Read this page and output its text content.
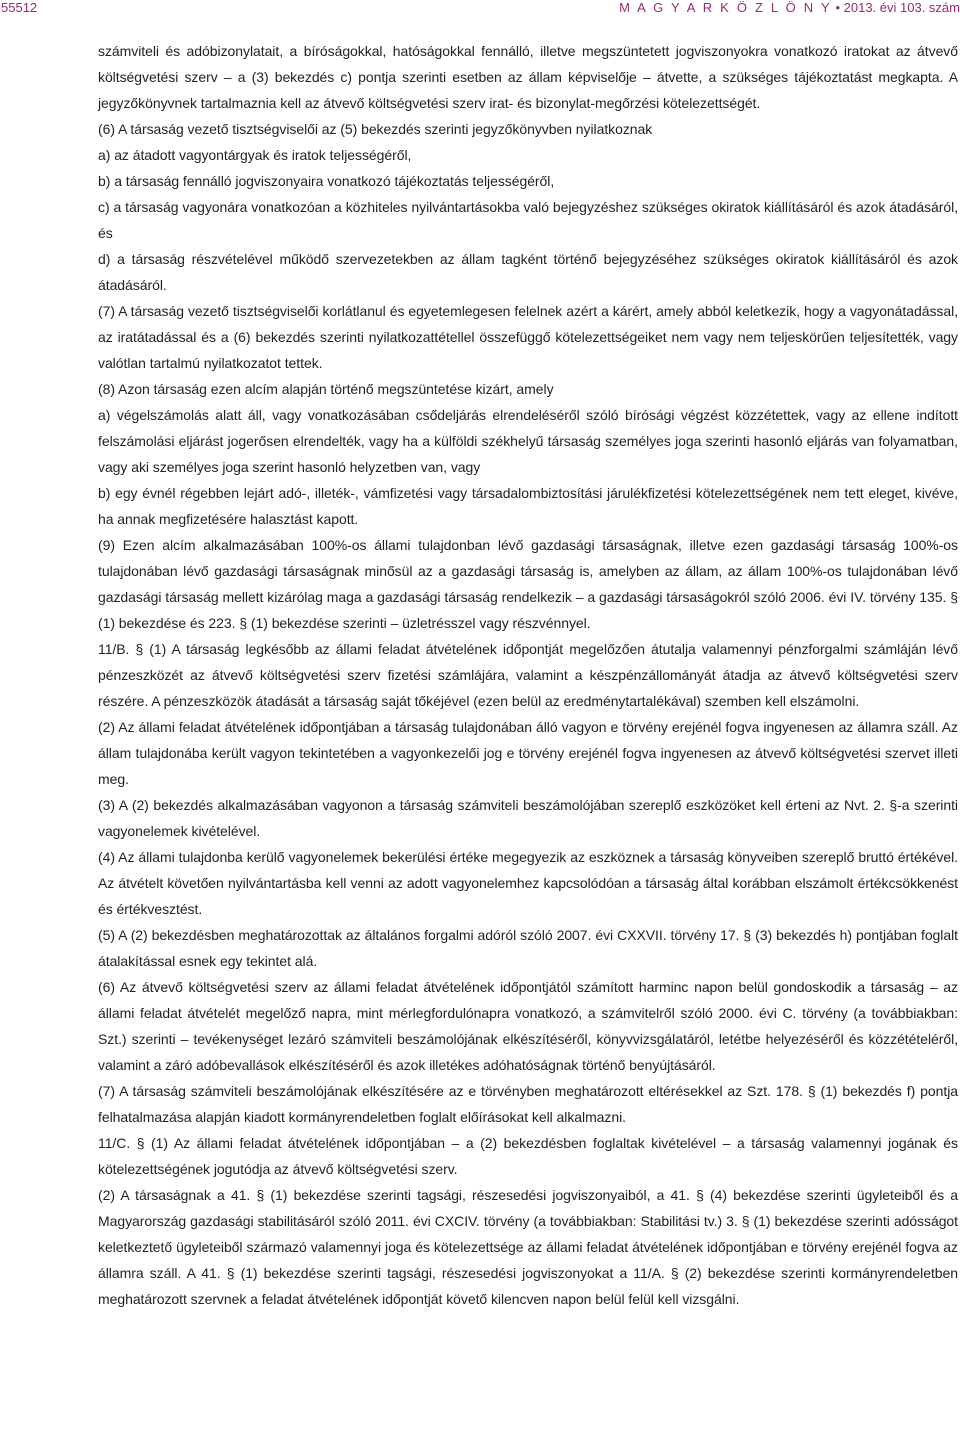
55512	M A G Y A R K Ö Z L Ö N Y • 2013. évi 103. szám

számviteli és adóbizonylatait, a bíróságokkal, hatóságokkal fennálló, illetve megszüntetett jogviszonyokra vonatkozó iratokat az átvevő költségvetési szerv – a (3) bekezdés c) pontja szerinti esetben az állam képviselője – átvette, a szükséges tájékoztatást megkapta. A jegyzőkönyvnek tartalmaznia kell az átvevő költségvetési szerv irat- és bizonylat-megőrzési kötelezettségét.

(6) A társaság vezető tisztségviselői az (5) bekezdés szerinti jegyzőkönyvben nyilatkoznak

a) az átadott vagyontárgyak és iratok teljességéről,

b) a társaság fennálló jogviszonyaira vonatkozó tájékoztatás teljességéről,

c) a társaság vagyonára vonatkozóan a közhiteles nyilvántartásokba való bejegyzéshez szükséges okiratok kiállításáról és azok átadásáról, és

d) a társaság részvételével működő szervezetekben az állam tagként történő bejegyzéséhez szükséges okiratok kiállításáról és azok átadásáról.

(7) A társaság vezető tisztségviselői korlátlanul és egyetemlegesen felelnek azért a kárért, amely abból keletkezik, hogy a vagyonátadással, az iratátadással és a (6) bekezdés szerinti nyilatkozattétellel összefüggő kötelezettségeiket nem vagy nem teljeskörűen teljesítették, vagy valótlan tartalmú nyilatkozatot tettek.

(8) Azon társaság ezen alcím alapján történő megszüntetése kizárt, amely

a) végelszámolás alatt áll, vagy vonatkozásában csődeljárás elrendeléséről szóló bírósági végzést közzétettek, vagy az ellene indított felszámolási eljárást jogerősen elrendelték, vagy ha a külföldi székhelyű társaság személyes joga szerinti hasonló eljárás van folyamatban, vagy aki személyes joga szerint hasonló helyzetben van, vagy

b) egy évnél régebben lejárt adó-, illeték-, vámfizetési vagy társadalombiztosítási járulékfizetési kötelezettségének nem tett eleget, kivéve, ha annak megfizetésére halasztást kapott.

(9) Ezen alcím alkalmazásában 100%-os állami tulajdonban lévő gazdasági társaságnak, illetve ezen gazdasági társaság 100%-os tulajdonában lévő gazdasági társaságnak minősül az a gazdasági társaság is, amelyben az állam, az állam 100%-os tulajdonában lévő gazdasági társaság mellett kizárólag maga a gazdasági társaság rendelkezik – a gazdasági társaságokról szóló 2006. évi IV. törvény 135. § (1) bekezdése és 223. § (1) bekezdése szerinti – üzletrésszel vagy részvénnyel.

11/B. § (1) A társaság legkésőbb az állami feladat átvételének időpontját megelőzően átutalja valamennyi pénzforgalmi számláján lévő pénzeszközét az átvevő költségvetési szerv fizetési számlájára, valamint a készpénzállományát átadja az átvevő költségvetési szerv részére. A pénzeszközök átadását a társaság saját tőkéjével (ezen belül az eredménytartalékával) szemben kell elszámolni.

(2) Az állami feladat átvételének időpontjában a társaság tulajdonában álló vagyon e törvény erejénél fogva ingyenesen az államra száll. Az állam tulajdonába került vagyon tekintetében a vagyonkezelői jog e törvény erejénél fogva ingyenesen az átvevő költségvetési szervet illeti meg.

(3) A (2) bekezdés alkalmazásában vagyonon a társaság számviteli beszámolójában szereplő eszközöket kell érteni az Nvt. 2. §-a szerinti vagyonelemek kivételével.

(4) Az állami tulajdonba kerülő vagyonelemek bekerülési értéke megegyezik az eszköznek a társaság könyveiben szereplő bruttó értékével. Az átvételt követően nyilvántartásba kell venni az adott vagyonelemhez kapcsolódóan a társaság által korábban elszámolt értékcsökkenést és értékvesztést.

(5) A (2) bekezdésben meghatározottak az általános forgalmi adóról szóló 2007. évi CXXVII. törvény 17. § (3) bekezdés h) pontjában foglalt átalakítással esnek egy tekintet alá.

(6) Az átvevő költségvetési szerv az állami feladat átvételének időpontjától számított harminc napon belül gondoskodik a társaság – az állami feladat átvételét megelőző napra, mint mérlegfordulónapra vonatkozó, a számvitelről szóló 2000. évi C. törvény (a továbbiakban: Szt.) szerinti – tevékenységet lezáró számviteli beszámolójának elkészítéséről, könyvvizsgálatáról, letétbe helyezéséről és közzétételéről, valamint a záró adóbevallások elkészítéséről és azok illetékes adóhatóságnak történő benyújtásáról.

(7) A társaság számviteli beszámolójának elkészítésére az e törvényben meghatározott eltérésekkel az Szt. 178. § (1) bekezdés f) pontja felhatalmazása alapján kiadott kormányrendeletben foglalt előírásokat kell alkalmazni.

11/C. § (1) Az állami feladat átvételének időpontjában – a (2) bekezdésben foglaltak kivételével – a társaság valamennyi jogának és kötelezettségének jogutódja az átvevő költségvetési szerv.

(2) A társaságnak a 41. § (1) bekezdése szerinti tagsági, részesedési jogviszonyaiból, a 41. § (4) bekezdése szerinti ügyleteiből és a Magyarország gazdasági stabilitásáról szóló 2011. évi CXCIV. törvény (a továbbiakban: Stabilitási tv.) 3. § (1) bekezdése szerinti adósságot keletkeztető ügyleteiből származó valamennyi joga és kötelezettsége az állami feladat átvételének időpontjában e törvény erejénél fogva az államra száll. A 41. § (1) bekezdése szerinti tagsági, részesedési jogviszonyokat a 11/A. § (2) bekezdése szerinti kormányrendeletben meghatározott szervnek a feladat átvételének időpontját követő kilencven napon belül felül kell vizsgálni.
